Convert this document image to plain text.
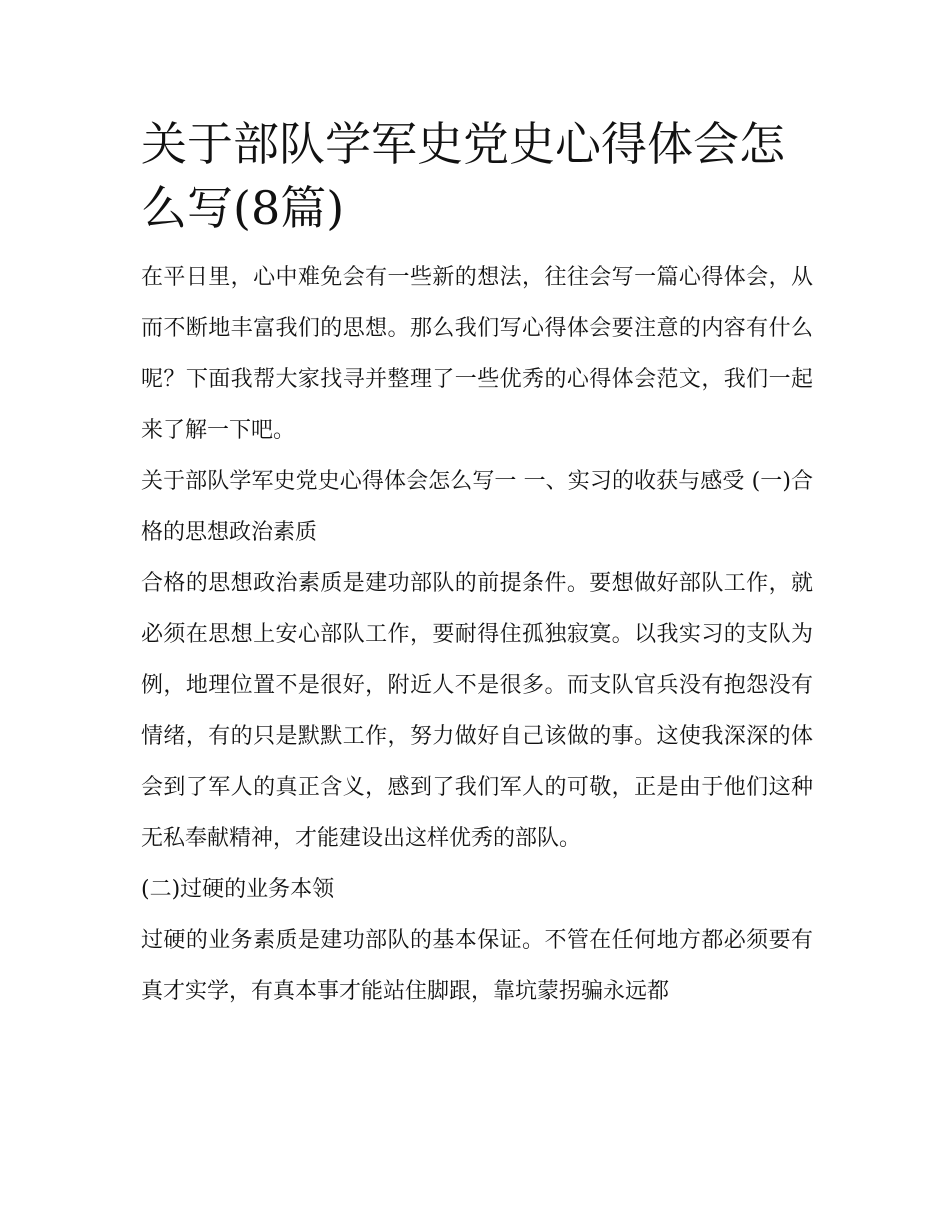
关于部队学军史党史心得体会怎么写(8篇)

在平日里，心中难免会有一些新的想法，往往会写一篇心得体会，从而不断地丰富我们的思想。那么我们写心得体会要注意的内容有什么呢？下面我帮大家找寻并整理了一些优秀的心得体会范文，我们一起来了解一下吧。

关于部队学军史党史心得体会怎么写一 一、实习的收获与感受 (一)合格的思想政治素质

合格的思想政治素质是建功部队的前提条件。要想做好部队工作，就必须在思想上安心部队工作，要耐得住孤独寂寞。以我实习的支队为例，地理位置不是很好，附近人不是很多。而支队官兵没有抱怨没有情绪，有的只是默默工作，努力做好自己该做的事。这使我深深的体会到了军人的真正含义，感到了我们军人的可敬，正是由于他们这种无私奉献精神，才能建设出这样优秀的部队。

(二)过硬的业务本领

过硬的业务素质是建功部队的基本保证。不管在任何地方都必须要有真才实学，有真本事才能站住脚跟，靠坑蒙拐骗永远都
